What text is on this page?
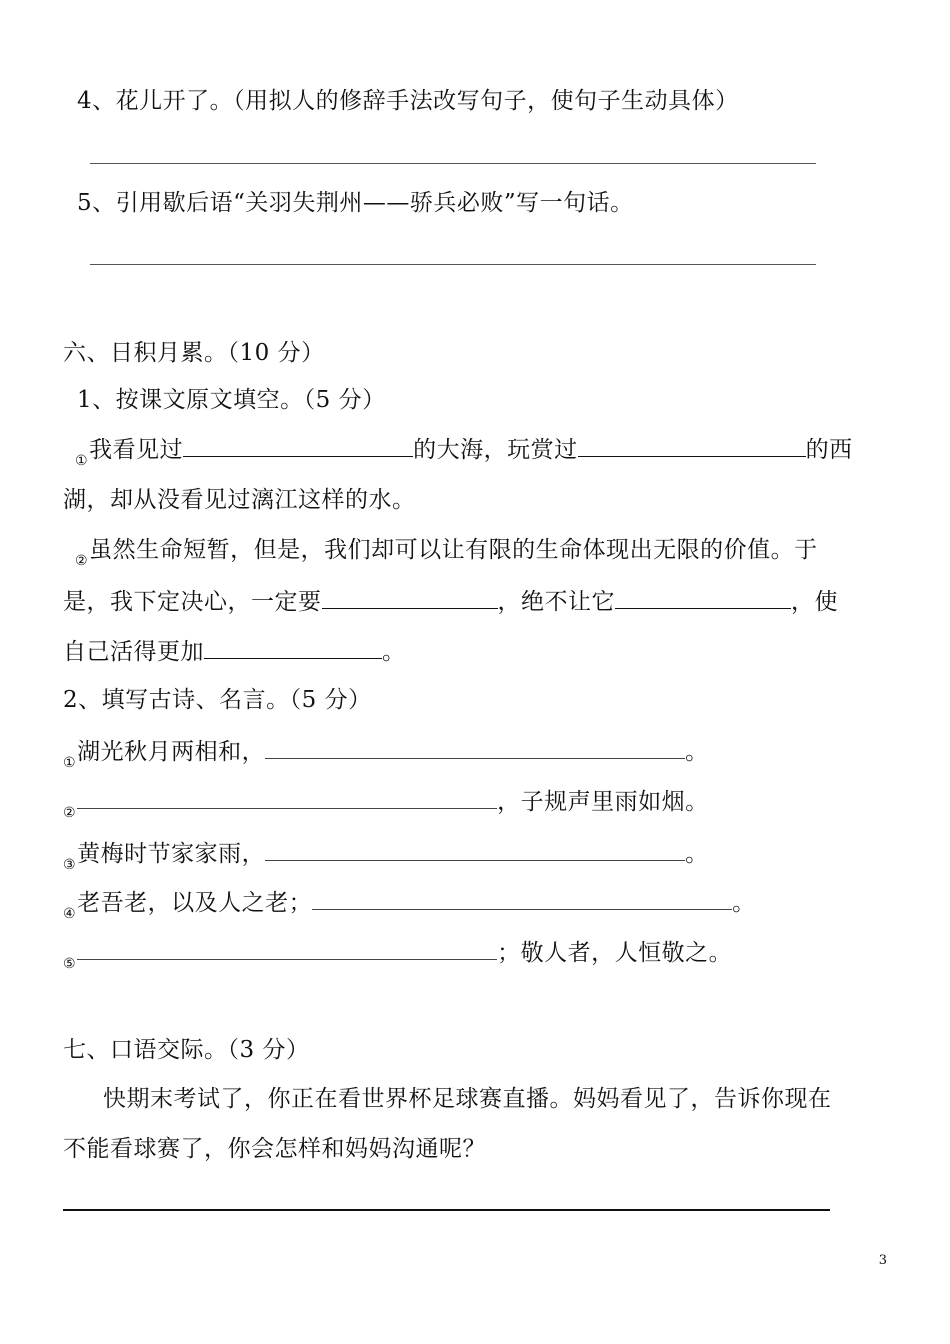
4、花儿开了。（用拟人的修辞手法改写句子，使句子生动具体）
5、引用歇后语“关羽失荆州——骄兵必败”写一句话。
六、日积月累。（10 分）
1、按课文原文填空。（5 分）
$_①$我看见过	的大海，玩赏过	的西
湖，却从没看见过漓江这样的水。
$_②$虽然生命短暂，但是，我们却可以让有限的生命体现出无限的价值。于
是，我下定决心，一定要	，绝不让它	，使
自己活得更加	。
2、填写古诗、名言。（5 分）
$_①$湖光秋月两相和，	。
$_②$	，子规声里雨如烟。
$_③$黄梅时节家家雨，	。
$_④$老吾老，以及人之老；	。
$_⑤$	；敬人者，人恒敬之。
七、口语交际。（3 分）
快期末考试了，你正在看世界杯足球赛直播。妈妈看见了，告诉你现在
不能看球赛了，你会怎样和妈妈沟通呢？
3
